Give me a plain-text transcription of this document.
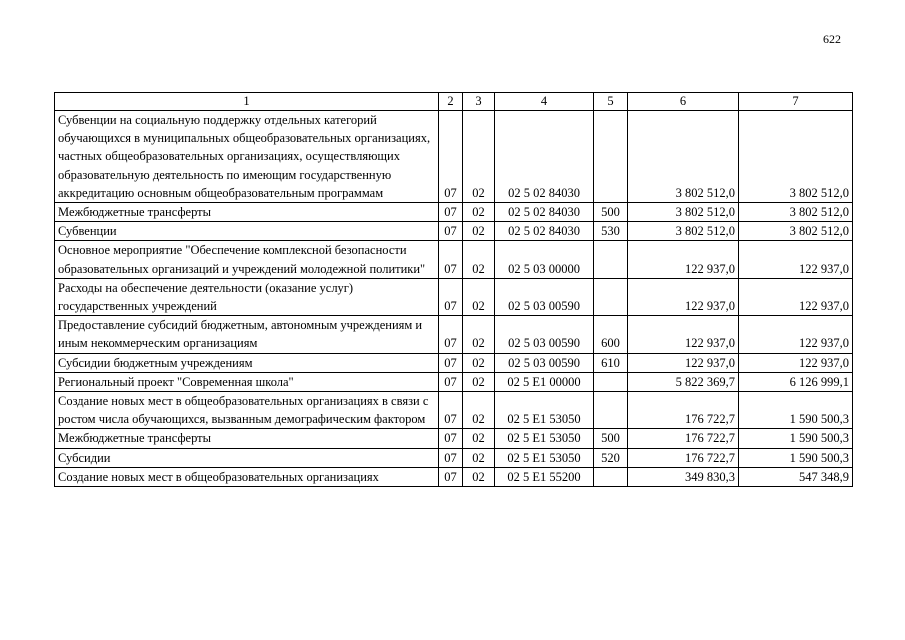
622
1	2	3	4	5	6	7
Субвенции на социальную поддержку отдельных категорий обучающихся в муниципальных общеобразовательных организациях, частных общеобразовательных организациях, осуществляющих образовательную деятельность по имеющим государственную аккредитацию основным общеобразовательным программам	07	02	02 5 02 84030		3 802 512,0	3 802 512,0
Межбюджетные трансферты	07	02	02 5 02 84030	500	3 802 512,0	3 802 512,0
Субвенции	07	02	02 5 02 84030	530	3 802 512,0	3 802 512,0
Основное мероприятие "Обеспечение комплексной безопасности образовательных организаций и учреждений молодежной политики"	07	02	02 5 03 00000		122 937,0	122 937,0
Расходы на обеспечение деятельности (оказание услуг) государственных учреждений	07	02	02 5 03 00590		122 937,0	122 937,0
Предоставление субсидий бюджетным, автономным учреждениям и иным некоммерческим организациям	07	02	02 5 03 00590	600	122 937,0	122 937,0
Субсидии бюджетным учреждениям	07	02	02 5 03 00590	610	122 937,0	122 937,0
Региональный проект "Современная школа"	07	02	02 5 E1 00000		5 822 369,7	6 126 999,1
Создание новых мест в общеобразовательных организациях в связи с ростом числа обучающихся, вызванным демографическим фактором	07	02	02 5 E1 53050		176 722,7	1 590 500,3
Межбюджетные трансферты	07	02	02 5 E1 53050	500	176 722,7	1 590 500,3
Субсидии	07	02	02 5 E1 53050	520	176 722,7	1 590 500,3
Создание новых мест в общеобразовательных организациях	07	02	02 5 E1 55200		349 830,3	547 348,9
